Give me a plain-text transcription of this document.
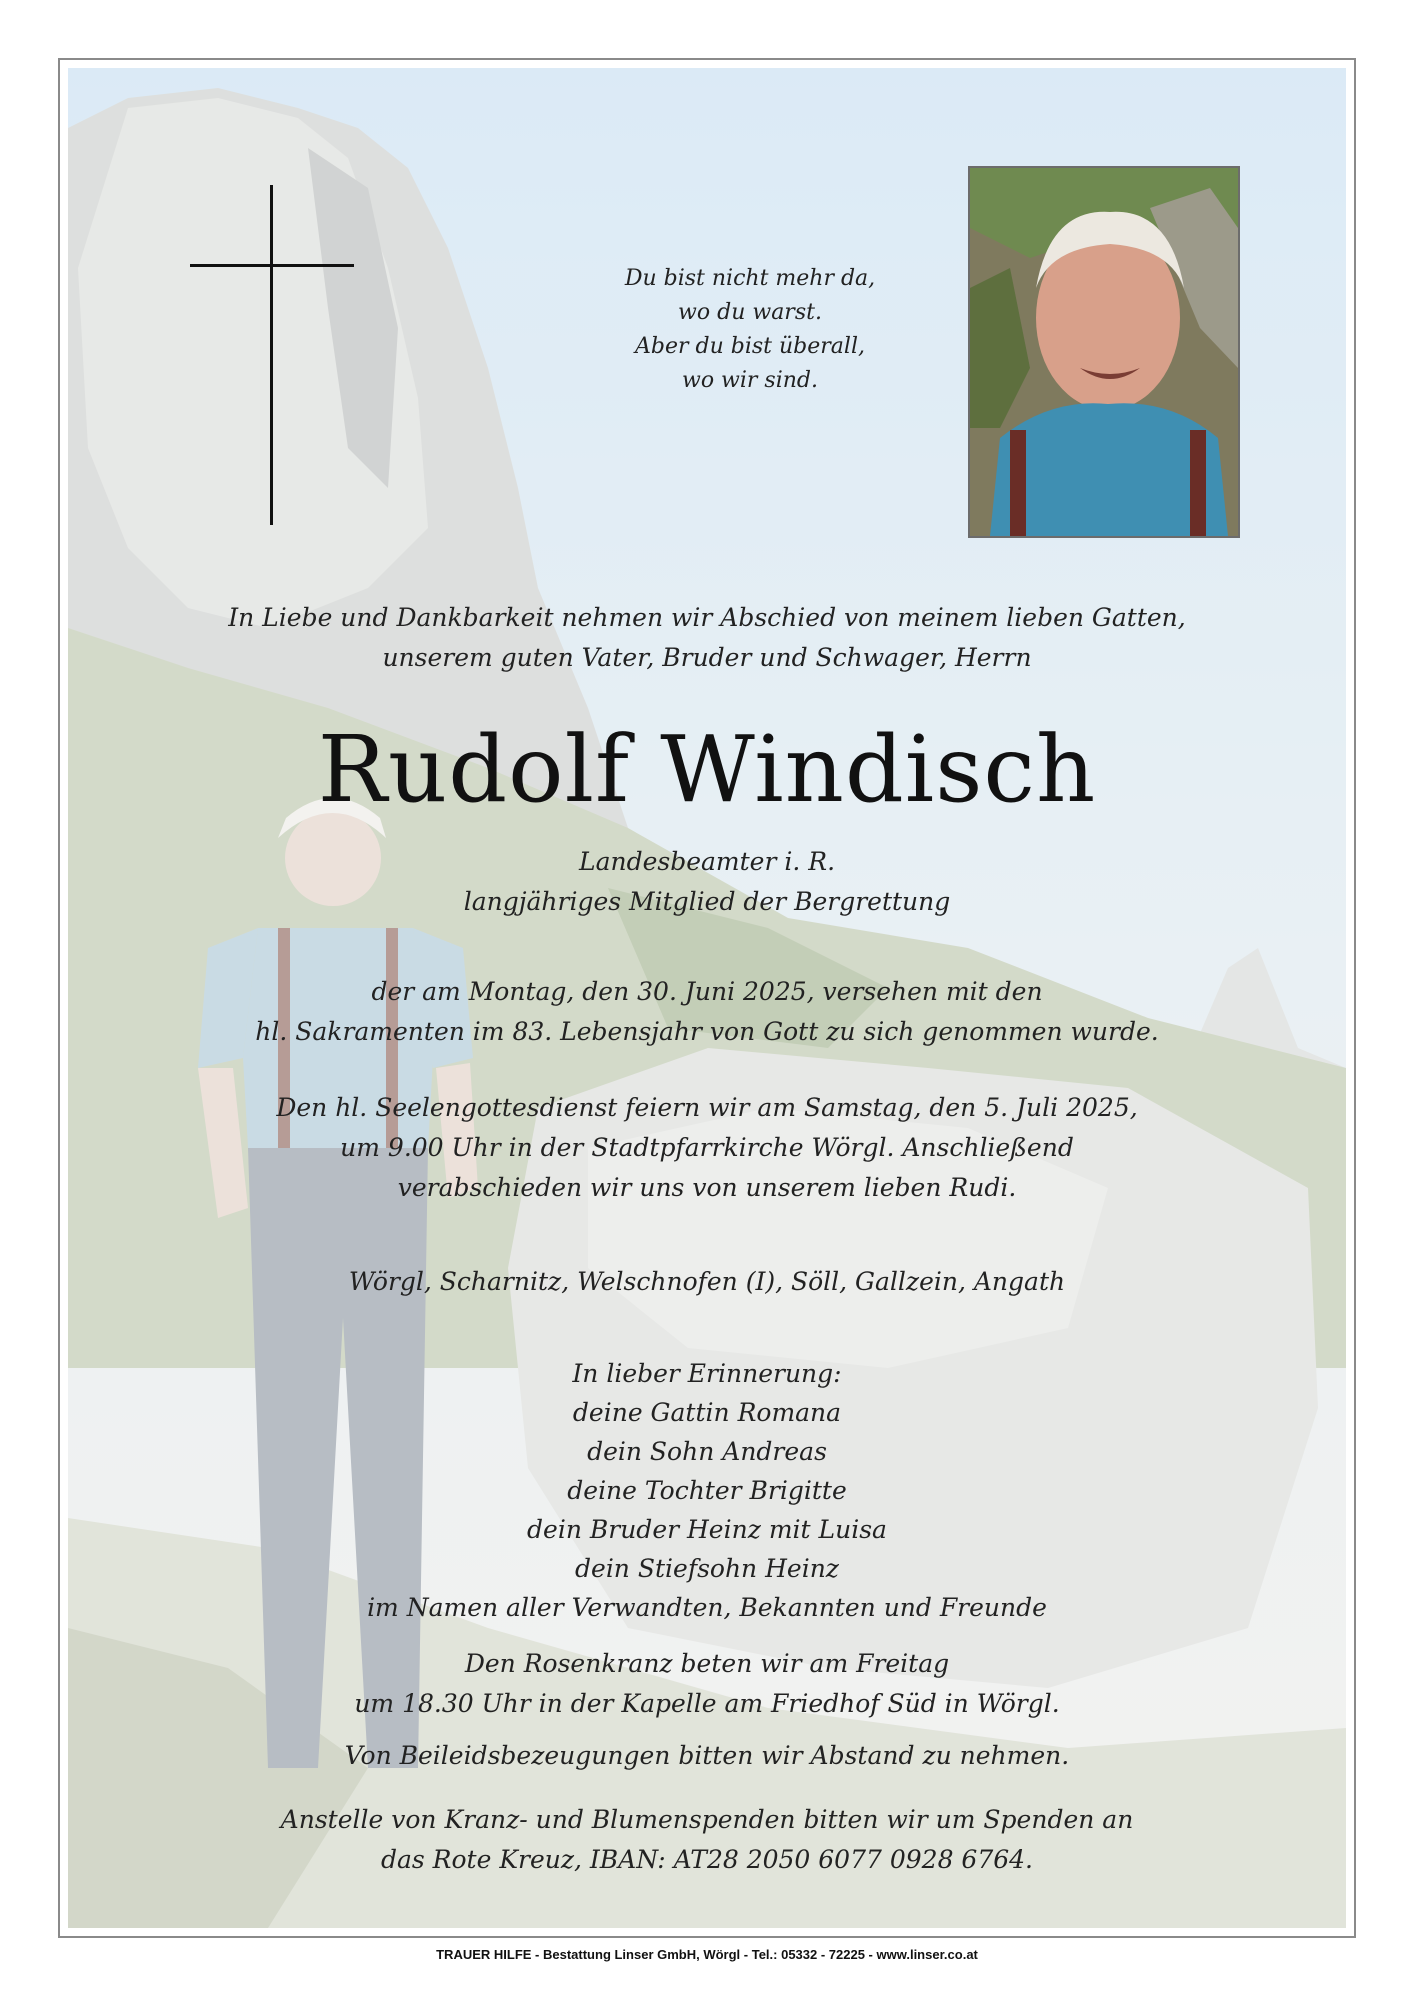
Du bist nicht mehr da,
wo du warst.
Aber du bist überall,
wo wir sind.
In Liebe und Dankbarkeit nehmen wir Abschied von meinem lieben Gatten,
unserem guten Vater, Bruder und Schwager, Herrn
Rudolf Windisch
Landesbeamter i. R.
langjähriges Mitglied der Bergrettung
der am Montag, den 30. Juni 2025, versehen mit den
hl. Sakramenten im 83. Lebensjahr von Gott zu sich genommen wurde.
Den hl. Seelengottesdienst feiern wir am Samstag, den 5. Juli 2025,
um 9.00 Uhr in der Stadtpfarrkirche Wörgl. Anschließend
verabschieden wir uns von unserem lieben Rudi.
Wörgl, Scharnitz, Welschnofen (I), Söll, Gallzein, Angath
In lieber Erinnerung:
deine Gattin Romana
dein Sohn Andreas
deine Tochter Brigitte
dein Bruder Heinz mit Luisa
dein Stiefsohn Heinz
im Namen aller Verwandten, Bekannten und Freunde
Den Rosenkranz beten wir am Freitag
um 18.30 Uhr in der Kapelle am Friedhof Süd in Wörgl.
Von Beileidsbezeugungen bitten wir Abstand zu nehmen.
Anstelle von Kranz- und Blumenspenden bitten wir um Spenden an
das Rote Kreuz, IBAN: AT28 2050 6077 0928 6764.
TRAUER HILFE - Bestattung Linser GmbH, Wörgl - Tel.: 05332 - 72225 - www.linser.co.at
